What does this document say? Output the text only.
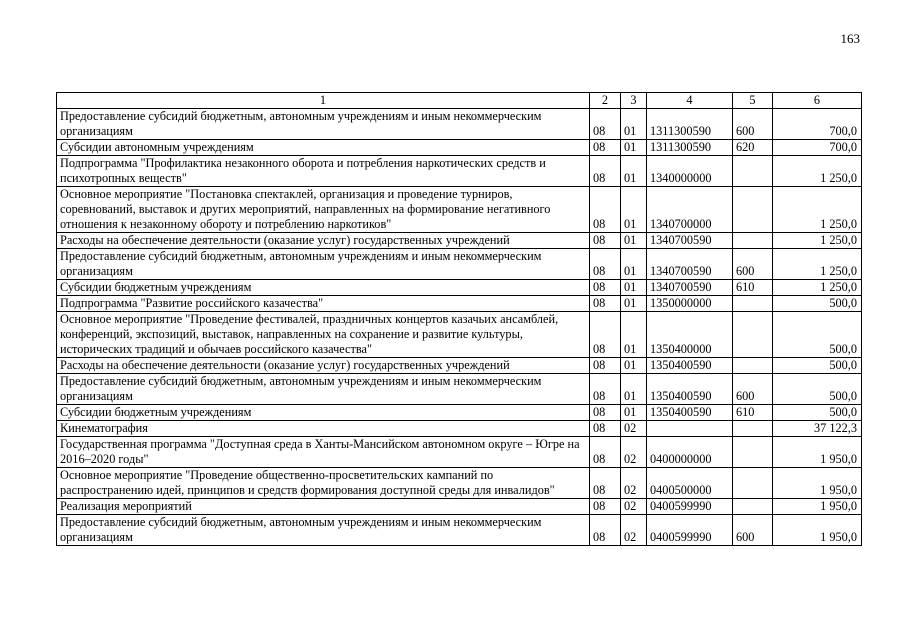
163
1	2	3	4	5	6
Предоставление субсидий бюджетным, автономным учреждениям и иным некоммерческим организациям	08	01	1311300590	600	700,0
Субсидии автономным учреждениям	08	01	1311300590	620	700,0
Подпрограмма "Профилактика незаконного оборота и потребления наркотических средств и психотропных веществ"	08	01	1340000000		1 250,0
Основное мероприятие "Постановка спектаклей, организация и проведение турниров, соревнований, выставок и других мероприятий, направленных на формирование негативного отношения к незаконному обороту и потреблению наркотиков"	08	01	1340700000		1 250,0
Расходы на обеспечение деятельности (оказание услуг) государственных учреждений	08	01	1340700590		1 250,0
Предоставление субсидий бюджетным, автономным учреждениям и иным некоммерческим организациям	08	01	1340700590	600	1 250,0
Субсидии бюджетным учреждениям	08	01	1340700590	610	1 250,0
Подпрограмма "Развитие российского казачества"	08	01	1350000000		500,0
Основное мероприятие "Проведение фестивалей, праздничных концертов казачьих ансамблей, конференций, экспозиций, выставок, направленных на сохранение и развитие культуры, исторических традиций и обычаев российского казачества"	08	01	1350400000		500,0
Расходы на обеспечение деятельности (оказание услуг) государственных учреждений	08	01	1350400590		500,0
Предоставление субсидий бюджетным, автономным учреждениям и иным некоммерческим организациям	08	01	1350400590	600	500,0
Субсидии бюджетным учреждениям	08	01	1350400590	610	500,0
Кинематография	08	02			37 122,3
Государственная программа "Доступная среда в Ханты-Мансийском автономном округе – Югре на 2016–2020 годы"	08	02	0400000000		1 950,0
Основное мероприятие "Проведение общественно-просветительских кампаний по распространению идей, принципов и средств формирования доступной среды для инвалидов"	08	02	0400500000		1 950,0
Реализация мероприятий	08	02	0400599990		1 950,0
Предоставление субсидий бюджетным, автономным учреждениям и иным некоммерческим организациям	08	02	0400599990	600	1 950,0
